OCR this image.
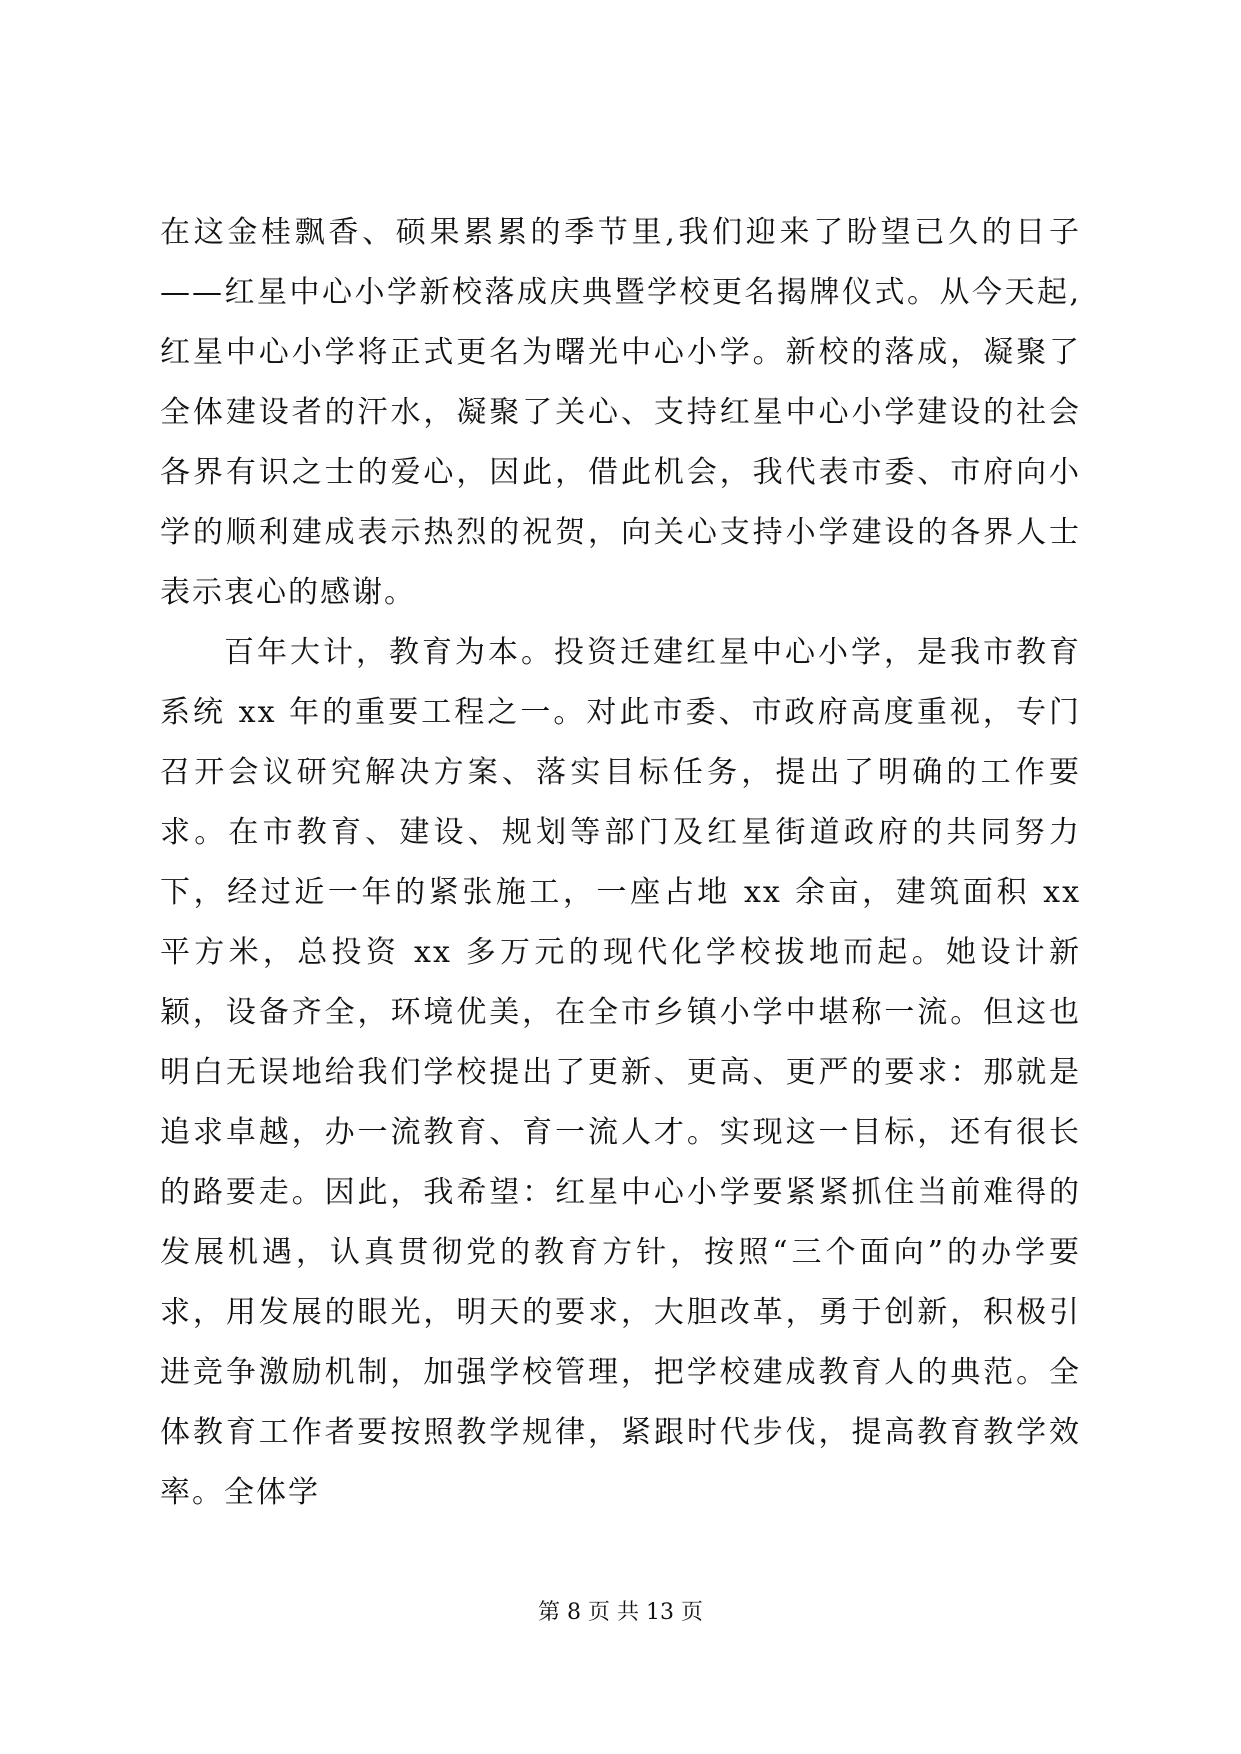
在这金桂飘香、硕果累累的季节里,我们迎来了盼望已久的日子——红星中心小学新校落成庆典暨学校更名揭牌仪式。从今天起,红星中心小学将正式更名为曙光中心小学。新校的落成，凝聚了全体建设者的汗水，凝聚了关心、支持红星中心小学建设的社会各界有识之士的爱心，因此，借此机会，我代表市委、市府向小学的顺利建成表示热烈的祝贺，向关心支持小学建设的各界人士表示衷心的感谢。

百年大计，教育为本。投资迁建红星中心小学，是我市教育系统 xx 年的重要工程之一。对此市委、市政府高度重视，专门召开会议研究解决方案、落实目标任务，提出了明确的工作要求。在市教育、建设、规划等部门及红星街道政府的共同努力下，经过近一年的紧张施工，一座占地 xx 余亩，建筑面积 xx 平方米，总投资 xx 多万元的现代化学校拔地而起。她设计新颖，设备齐全，环境优美，在全市乡镇小学中堪称一流。但这也明白无误地给我们学校提出了更新、更高、更严的要求：那就是追求卓越，办一流教育、育一流人才。实现这一目标，还有很长的路要走。因此，我希望：红星中心小学要紧紧抓住当前难得的发展机遇，认真贯彻党的教育方针，按照“三个面向”的办学要求，用发展的眼光，明天的要求，大胆改革，勇于创新，积极引进竞争激励机制，加强学校管理，把学校建成教育人的典范。全体教育工作者要按照教学规律，紧跟时代步伐，提高教育教学效率。全体学

第 8 页 共 13 页
